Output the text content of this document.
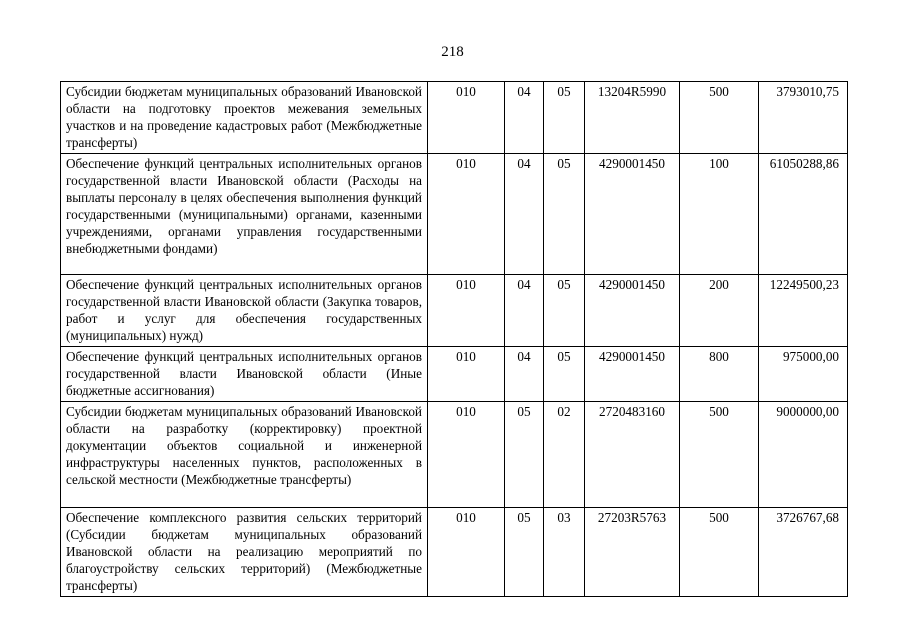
218
Субсидии бюджетам муниципальных образований Ивановской области на подготовку проектов межевания земельных участков и на проведение кадастровых работ (Межбюджетные трансферты)	010	04	05	13204R5990	500	3793010,75
Обеспечение функций центральных исполнительных органов государственной власти Ивановской области (Расходы на выплаты персоналу в целях обеспечения выполнения функций государственными (муниципальными) органами, казенными учреждениями, органами управления государственными внебюджетными фондами)	010	04	05	4290001450	100	61050288,86
Обеспечение функций центральных исполнительных органов государственной власти Ивановской области (Закупка товаров, работ и услуг для обеспечения государственных (муниципальных) нужд)	010	04	05	4290001450	200	12249500,23
Обеспечение функций центральных исполнительных органов государственной власти Ивановской области (Иные бюджетные ассигнования)	010	04	05	4290001450	800	975000,00
Субсидии бюджетам муниципальных образований Ивановской области на разработку (корректировку) проектной документации объектов социальной и инженерной инфраструктуры населенных пунктов, расположенных в сельской местности (Межбюджетные трансферты)	010	05	02	2720483160	500	9000000,00
Обеспечение комплексного развития сельских территорий (Субсидии бюджетам муниципальных образований Ивановской области на реализацию мероприятий по благоустройству сельских территорий) (Межбюджетные трансферты)	010	05	03	27203R5763	500	3726767,68
